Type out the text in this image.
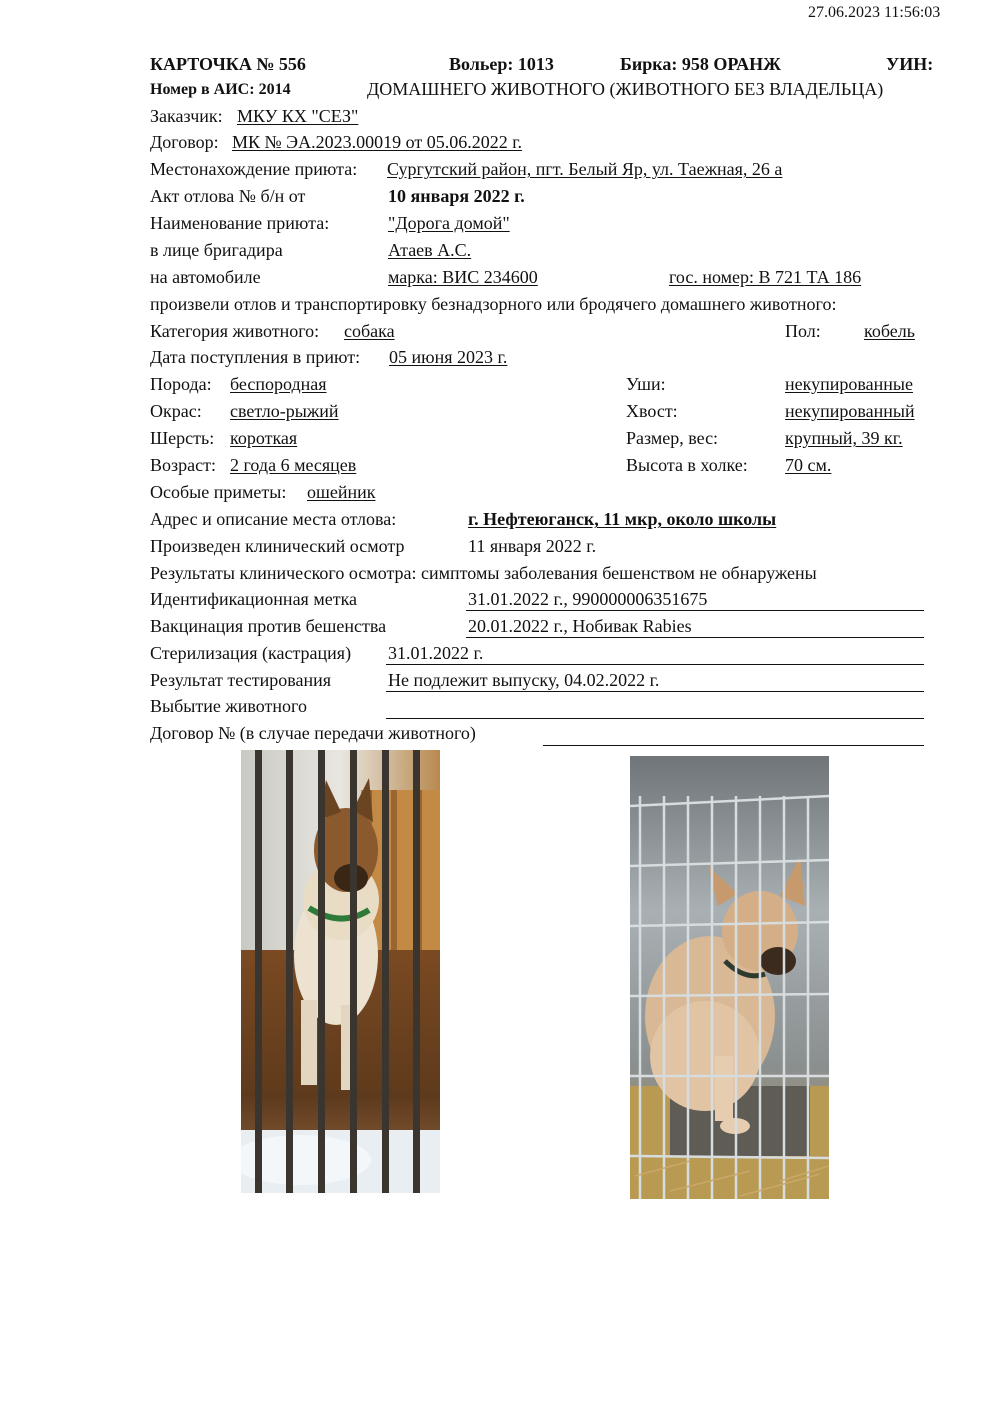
27.06.2023 11:56:03
КАРТОЧКА № 556	Вольер: 1013	Бирка: 958 ОРАНЖ	УИН:
Номер в АИС: 2014	ДОМАШНЕГО ЖИВОТНОГО (ЖИВОТНОГО БЕЗ ВЛАДЕЛЬЦА)
Заказчик: МКУ КХ "СЕЗ"
Договор: МК № ЭА.2023.00019 от 05.06.2022 г.
Местонахождение приюта: Сургутский район, пгт. Белый Яр, ул. Таежная, 26 а
Акт отлова № б/н от	10 января 2022 г.
Наименование приюта:	"Дорога домой"
в лице бригадира	Атаев А.С.
на автомобиле	марка: ВИС 234600	гос. номер: В 721 ТА 186
произвели отлов и транспортировку безнадзорного или бродячего домашнего животного:
Категория животного: собака	Пол: кобель
Дата поступления в приют: 05 июня 2023 г.
Порода: беспородная	Уши:	некупированные
Окрас: светло-рыжий	Хвост:	некупированный
Шерсть: короткая	Размер, вес:	крупный, 39 кг.
Возраст: 2 года 6 месяцев	Высота в холке: 70 см.
Особые приметы: ошейник
Адрес и описание места отлова:	г. Нефтеюганск, 11 мкр, около школы
Произведен клинический осмотр	11 января 2022 г.
Результаты клинического осмотра: симптомы заболевания бешенством не обнаружены
Идентификационная метка	31.01.2022 г., 990000006351675
Вакцинация против бешенства	20.01.2022 г., Нобивак Rabies
Стерилизация (кастрация) 31.01.2022 г.
Результат тестирования	Не подлежит выпуску, 04.02.2022 г.
Выбытие животного
Договор № (в случае передачи животного)
